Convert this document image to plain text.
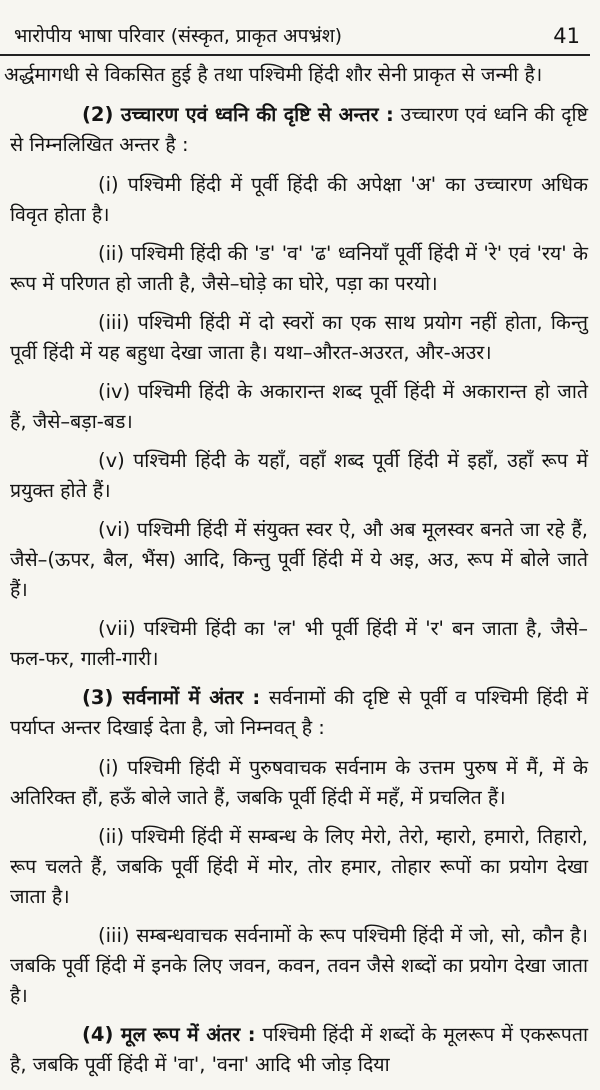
भारोपीय भाषा परिवार (संस्कृत, प्राकृत अपभ्रंश)	41

अर्द्धमागधी से विकसित हुई है तथा पश्चिमी हिंदी शौर सेनी प्राकृत से जन्मी है।

(2) उच्चारण एवं ध्वनि की दृष्टि से अन्तर : उच्चारण एवं ध्वनि की दृष्टि से निम्नलिखित अन्तर है :

(i) पश्चिमी हिंदी में पूर्वी हिंदी की अपेक्षा 'अ' का उच्चारण अधिक विवृत होता है।

(ii) पश्चिमी हिंदी की 'ड' 'व' 'ढ' ध्वनियाँ पूर्वी हिंदी में 'रे' एवं 'रय' के रूप में परिणत हो जाती है, जैसे–घोड़े का घोरे, पड़ा का परयो।

(iii) पश्चिमी हिंदी में दो स्वरों का एक साथ प्रयोग नहीं होता, किन्तु पूर्वी हिंदी में यह बहुधा देखा जाता है। यथा–औरत-अउरत, और-अउर।

(iv) पश्चिमी हिंदी के अकारान्त शब्द पूर्वी हिंदी में अकारान्त हो जाते हैं, जैसे–बड़ा-बड।

(v) पश्चिमी हिंदी के यहाँ, वहाँ शब्द पूर्वी हिंदी में इहाँ, उहाँ रूप में प्रयुक्त होते हैं।

(vi) पश्चिमी हिंदी में संयुक्त स्वर ऐ, औ अब मूलस्वर बनते जा रहे हैं, जैसे–(ऊपर, बैल, भैंस) आदि, किन्तु पूर्वी हिंदी में ये अइ, अउ, रूप में बोले जाते हैं।

(vii) पश्चिमी हिंदी का 'ल' भी पूर्वी हिंदी में 'र' बन जाता है, जैसे–फल-फर, गाली-गारी।

(3) सर्वनामों में अंतर : सर्वनामों की दृष्टि से पूर्वी व पश्चिमी हिंदी में पर्याप्त अन्तर दिखाई देता है, जो निम्नवत् है :

(i) पश्चिमी हिंदी में पुरुषवाचक सर्वनाम के उत्तम पुरुष में मैं, में के अतिरिक्त हौं, हऊँ बोले जाते हैं, जबकि पूर्वी हिंदी में महँ, में प्रचलित हैं।

(ii) पश्चिमी हिंदी में सम्बन्ध के लिए मेरो, तेरो, म्हारो, हमारो, तिहारो, रूप चलते हैं, जबकि पूर्वी हिंदी में मोर, तोर हमार, तोहार रूपों का प्रयोग देखा जाता है।

(iii) सम्बन्धवाचक सर्वनामों के रूप पश्चिमी हिंदी में जो, सो, कौन है। जबकि पूर्वी हिंदी में इनके लिए जवन, कवन, तवन जैसे शब्दों का प्रयोग देखा जाता है।

(4) मूल रूप में अंतर : पश्चिमी हिंदी में शब्दों के मूलरूप में एकरूपता है, जबकि पूर्वी हिंदी में 'वा', 'वना' आदि भी जोड़ दिया
